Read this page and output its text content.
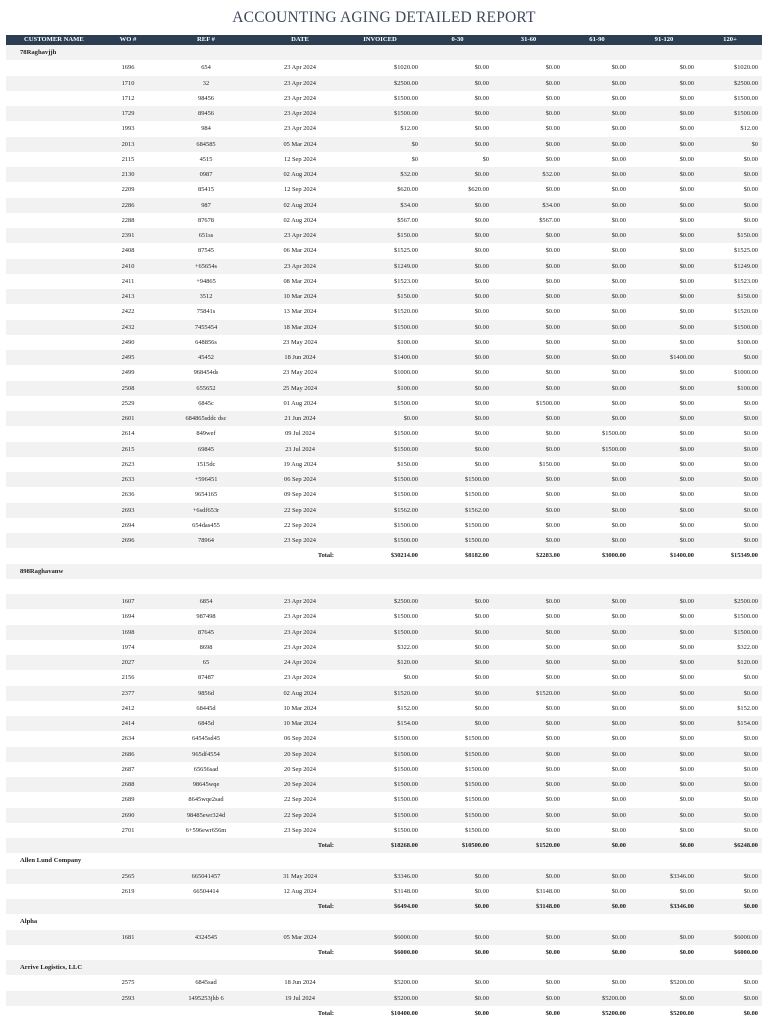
ACCOUNTING AGING DETAILED REPORT
CUSTOMER NAME	WO #	REF #	DATE	INVOICED	0-30	31-60	61-90	91-120	120+
78Raghavjjh									
	1696	654	23 Apr 2024	$1020.00	$0.00	$0.00	$0.00	$0.00	$1020.00
	1710	32	23 Apr 2024	$2500.00	$0.00	$0.00	$0.00	$0.00	$2500.00
	1712	98456	23 Apr 2024	$1500.00	$0.00	$0.00	$0.00	$0.00	$1500.00
	1729	89456	23 Apr 2024	$1500.00	$0.00	$0.00	$0.00	$0.00	$1500.00
	1993	984	23 Apr 2024	$12.00	$0.00	$0.00	$0.00	$0.00	$12.00
	2013	684585	05 Mar 2024	$0	$0.00	$0.00	$0.00	$0.00	$0
	2115	4515	12 Sep 2024	$0	$0	$0.00	$0.00	$0.00	$0.00
	2130	0987	02 Aug 2024	$32.00	$0.00	$32.00	$0.00	$0.00	$0.00
	2209	85415	12 Sep 2024	$620.00	$620.00	$0.00	$0.00	$0.00	$0.00
	2286	987	02 Aug 2024	$34.00	$0.00	$34.00	$0.00	$0.00	$0.00
	2288	87678	02 Aug 2024	$567.00	$0.00	$567.00	$0.00	$0.00	$0.00
	2391	651ss	23 Apr 2024	$150.00	$0.00	$0.00	$0.00	$0.00	$150.00
	2408	87545	06 Mar 2024	$1525.00	$0.00	$0.00	$0.00	$0.00	$1525.00
	2410	+65654s	23 Apr 2024	$1249.00	$0.00	$0.00	$0.00	$0.00	$1249.00
	2411	+94865	08 Mar 2024	$1523.00	$0.00	$0.00	$0.00	$0.00	$1523.00
	2413	3512	10 Mar 2024	$150.00	$0.00	$0.00	$0.00	$0.00	$150.00
	2422	75841s	13 Mar 2024	$1520.00	$0.00	$0.00	$0.00	$0.00	$1520.00
	2432	7455454	18 Mar 2024	$1500.00	$0.00	$0.00	$0.00	$0.00	$1500.00
	2490	648856s	23 May 2024	$100.00	$0.00	$0.00	$0.00	$0.00	$100.00
	2495	45452	18 Jun 2024	$1400.00	$0.00	$0.00	$0.00	$1400.00	$0.00
	2499	968454ds	23 May 2024	$1000.00	$0.00	$0.00	$0.00	$0.00	$1000.00
	2508	655652	25 May 2024	$100.00	$0.00	$0.00	$0.00	$0.00	$100.00
	2529	6845c	01 Aug 2024	$1500.00	$0.00	$1500.00	$0.00	$0.00	$0.00
	2601	684865sddc dsc	21 Jun 2024	$0.00	$0.00	$0.00	$0.00	$0.00	$0.00
	2614	849wef	09 Jul 2024	$1500.00	$0.00	$0.00	$1500.00	$0.00	$0.00
	2615	69845	23 Jul 2024	$1500.00	$0.00	$0.00	$1500.00	$0.00	$0.00
	2623	1515dc	19 Aug 2024	$150.00	$0.00	$150.00	$0.00	$0.00	$0.00
	2633	+596451	06 Sep 2024	$1500.00	$1500.00	$0.00	$0.00	$0.00	$0.00
	2636	9654165	09 Sep 2024	$1500.00	$1500.00	$0.00	$0.00	$0.00	$0.00
	2693	+6sdf653r	22 Sep 2024	$1562.00	$1562.00	$0.00	$0.00	$0.00	$0.00
	2694	654das455	22 Sep 2024	$1500.00	$1500.00	$0.00	$0.00	$0.00	$0.00
	2696	78964	23 Sep 2024	$1500.00	$1500.00	$0.00	$0.00	$0.00	$0.00
			Total:	$30214.00	$8182.00	$2283.00	$3000.00	$1400.00	$15349.00
898Raghavanw									

	1607	6854	23 Apr 2024	$2500.00	$0.00	$0.00	$0.00	$0.00	$2500.00
	1694	987498	23 Apr 2024	$1500.00	$0.00	$0.00	$0.00	$0.00	$1500.00
	1698	87645	23 Apr 2024	$1500.00	$0.00	$0.00	$0.00	$0.00	$1500.00
	1974	8698	23 Apr 2024	$322.00	$0.00	$0.00	$0.00	$0.00	$322.00
	2027	65	24 Apr 2024	$120.00	$0.00	$0.00	$0.00	$0.00	$120.00
	2156	87487	23 Apr 2024	$0.00	$0.00	$0.00	$0.00	$0.00	$0.00
	2377	9856d	02 Aug 2024	$1520.00	$0.00	$1520.00	$0.00	$0.00	$0.00
	2412	68445d	10 Mar 2024	$152.00	$0.00	$0.00	$0.00	$0.00	$152.00
	2414	6845d	10 Mar 2024	$154.00	$0.00	$0.00	$0.00	$0.00	$154.00
	2634	64545sd45	06 Sep 2024	$1500.00	$1500.00	$0.00	$0.00	$0.00	$0.00
	2686	965df4554	20 Sep 2024	$1500.00	$1500.00	$0.00	$0.00	$0.00	$0.00
	2687	65656sad	20 Sep 2024	$1500.00	$1500.00	$0.00	$0.00	$0.00	$0.00
	2688	98645wqe	20 Sep 2024	$1500.00	$1500.00	$0.00	$0.00	$0.00	$0.00
	2689	8645wqe2sad	22 Sep 2024	$1500.00	$1500.00	$0.00	$0.00	$0.00	$0.00
	2690	98485ewr324d	22 Sep 2024	$1500.00	$1500.00	$0.00	$0.00	$0.00	$0.00
	2701	6+596ewr656m	23 Sep 2024	$1500.00	$1500.00	$0.00	$0.00	$0.00	$0.00
			Total:	$18268.00	$10500.00	$1520.00	$0.00	$0.00	$6248.00
Allen Lund Company									
	2565	665041457	31 May 2024	$3346.00	$0.00	$0.00	$0.00	$3346.00	$0.00
	2619	66504414	12 Aug 2024	$3148.00	$0.00	$3148.00	$0.00	$0.00	$0.00
			Total:	$6494.00	$0.00	$3148.00	$0.00	$3346.00	$0.00
Alpha									
	1681	4324545	05 Mar 2024	$6000.00	$0.00	$0.00	$0.00	$0.00	$6000.00
			Total:	$6000.00	$0.00	$0.00	$0.00	$0.00	$6000.00
Arrive Logistics, LLC									
	2575	6845sad	18 Jun 2024	$5200.00	$0.00	$0.00	$0.00	$5200.00	$0.00
	2593	1495253jhb 6	19 Jul 2024	$5200.00	$0.00	$0.00	$5200.00	$0.00	$0.00
			Total:	$10400.00	$0.00	$0.00	$5200.00	$5200.00	$0.00
